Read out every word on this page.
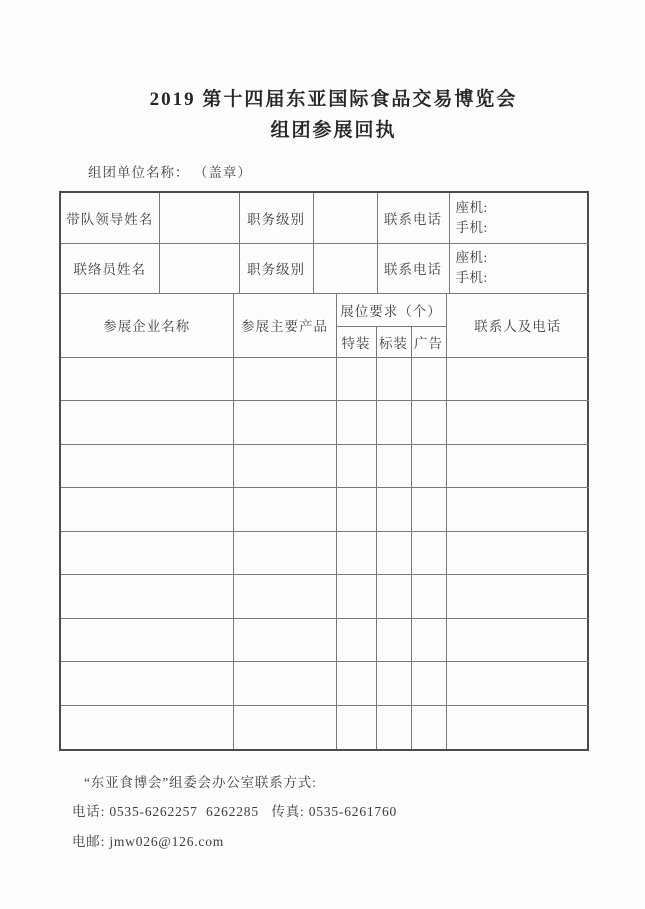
2019 第十四届东亚国际食品交易博览会
组团参展回执
组团单位名称： （盖章）
带队领导姓名		职务级别		联系电话	座机:
手机:

联络员姓名		职务级别		联系电话	座机:
手机:
参展企业名称	参展主要产品	展位要求（个）			联系人及电话
		特装	标装	广告	

“东亚食博会”组委会办公室联系方式:
电话: 0535-6262257  6262285   传真: 0535-6261760
电邮: jmw026@126.com
